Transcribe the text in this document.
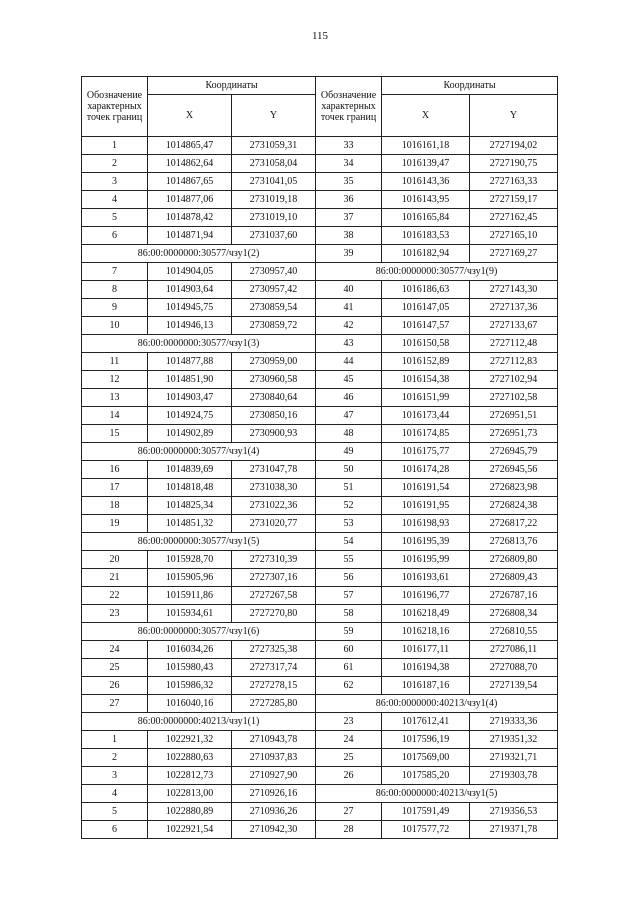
115
Обозначение характерных точек границ	Координаты		Обозначение характерных точек границ	Координаты	
	X	Y		X	Y
1	1014865,47	2731059,31	33	1016161,18	2727194,02
2	1014862,64	2731058,04	34	1016139,47	2727190,75
3	1014867,65	2731041,05	35	1016143,36	2727163,33
4	1014877,06	2731019,18	36	1016143,95	2727159,17
5	1014878,42	2731019,10	37	1016165,84	2727162,45
6	1014871,94	2731037,60	38	1016183,53	2727165,10
86:00:0000000:30577/чзу1(2)			39	1016182,94	2727169,27
7	1014904,05	2730957,40	86:00:0000000:30577/чзу1(9)		
8	1014903,64	2730957,42	40	1016186,63	2727143,30
9	1014945,75	2730859,54	41	1016147,05	2727137,36
10	1014946,13	2730859,72	42	1016147,57	2727133,67
86:00:0000000:30577/чзу1(3)			43	1016150,58	2727112,48
11	1014877,88	2730959,00	44	1016152,89	2727112,83
12	1014851,90	2730960,58	45	1016154,38	2727102,94
13	1014903,47	2730840,64	46	1016151,99	2727102,58
14	1014924,75	2730850,16	47	1016173,44	2726951,51
15	1014902,89	2730900,93	48	1016174,85	2726951,73
86:00:0000000:30577/чзу1(4)			49	1016175,77	2726945,79
16	1014839,69	2731047,78	50	1016174,28	2726945,56
17	1014818,48	2731038,30	51	1016191,54	2726823,98
18	1014825,34	2731022,36	52	1016191,95	2726824,38
19	1014851,32	2731020,77	53	1016198,93	2726817,22
86:00:0000000:30577/чзу1(5)			54	1016195,39	2726813,76
20	1015928,70	2727310,39	55	1016195,99	2726809,80
21	1015905,96	2727307,16	56	1016193,61	2726809,43
22	1015911,86	2727267,58	57	1016196,77	2726787,16
23	1015934,61	2727270,80	58	1016218,49	2726808,34
86:00:0000000:30577/чзу1(6)			59	1016218,16	2726810,55
24	1016034,26	2727325,38	60	1016177,11	2727086,11
25	1015980,43	2727317,74	61	1016194,38	2727088,70
26	1015986,32	2727278,15	62	1016187,16	2727139,54
27	1016040,16	2727285,80	86:00:0000000:40213/чзу1(4)		
86:00:0000000:40213/чзу1(1)			23	1017612,41	2719333,36
1	1022921,32	2710943,78	24	1017596,19	2719351,32
2	1022880,63	2710937,83	25	1017569,00	2719321,71
3	1022812,73	2710927,90	26	1017585,20	2719303,78
4	1022813,00	2710926,16	86:00:0000000:40213/чзу1(5)		
5	1022880,89	2710936,26	27	1017591,49	2719356,53
6	1022921,54	2710942,30	28	1017577,72	2719371,78
